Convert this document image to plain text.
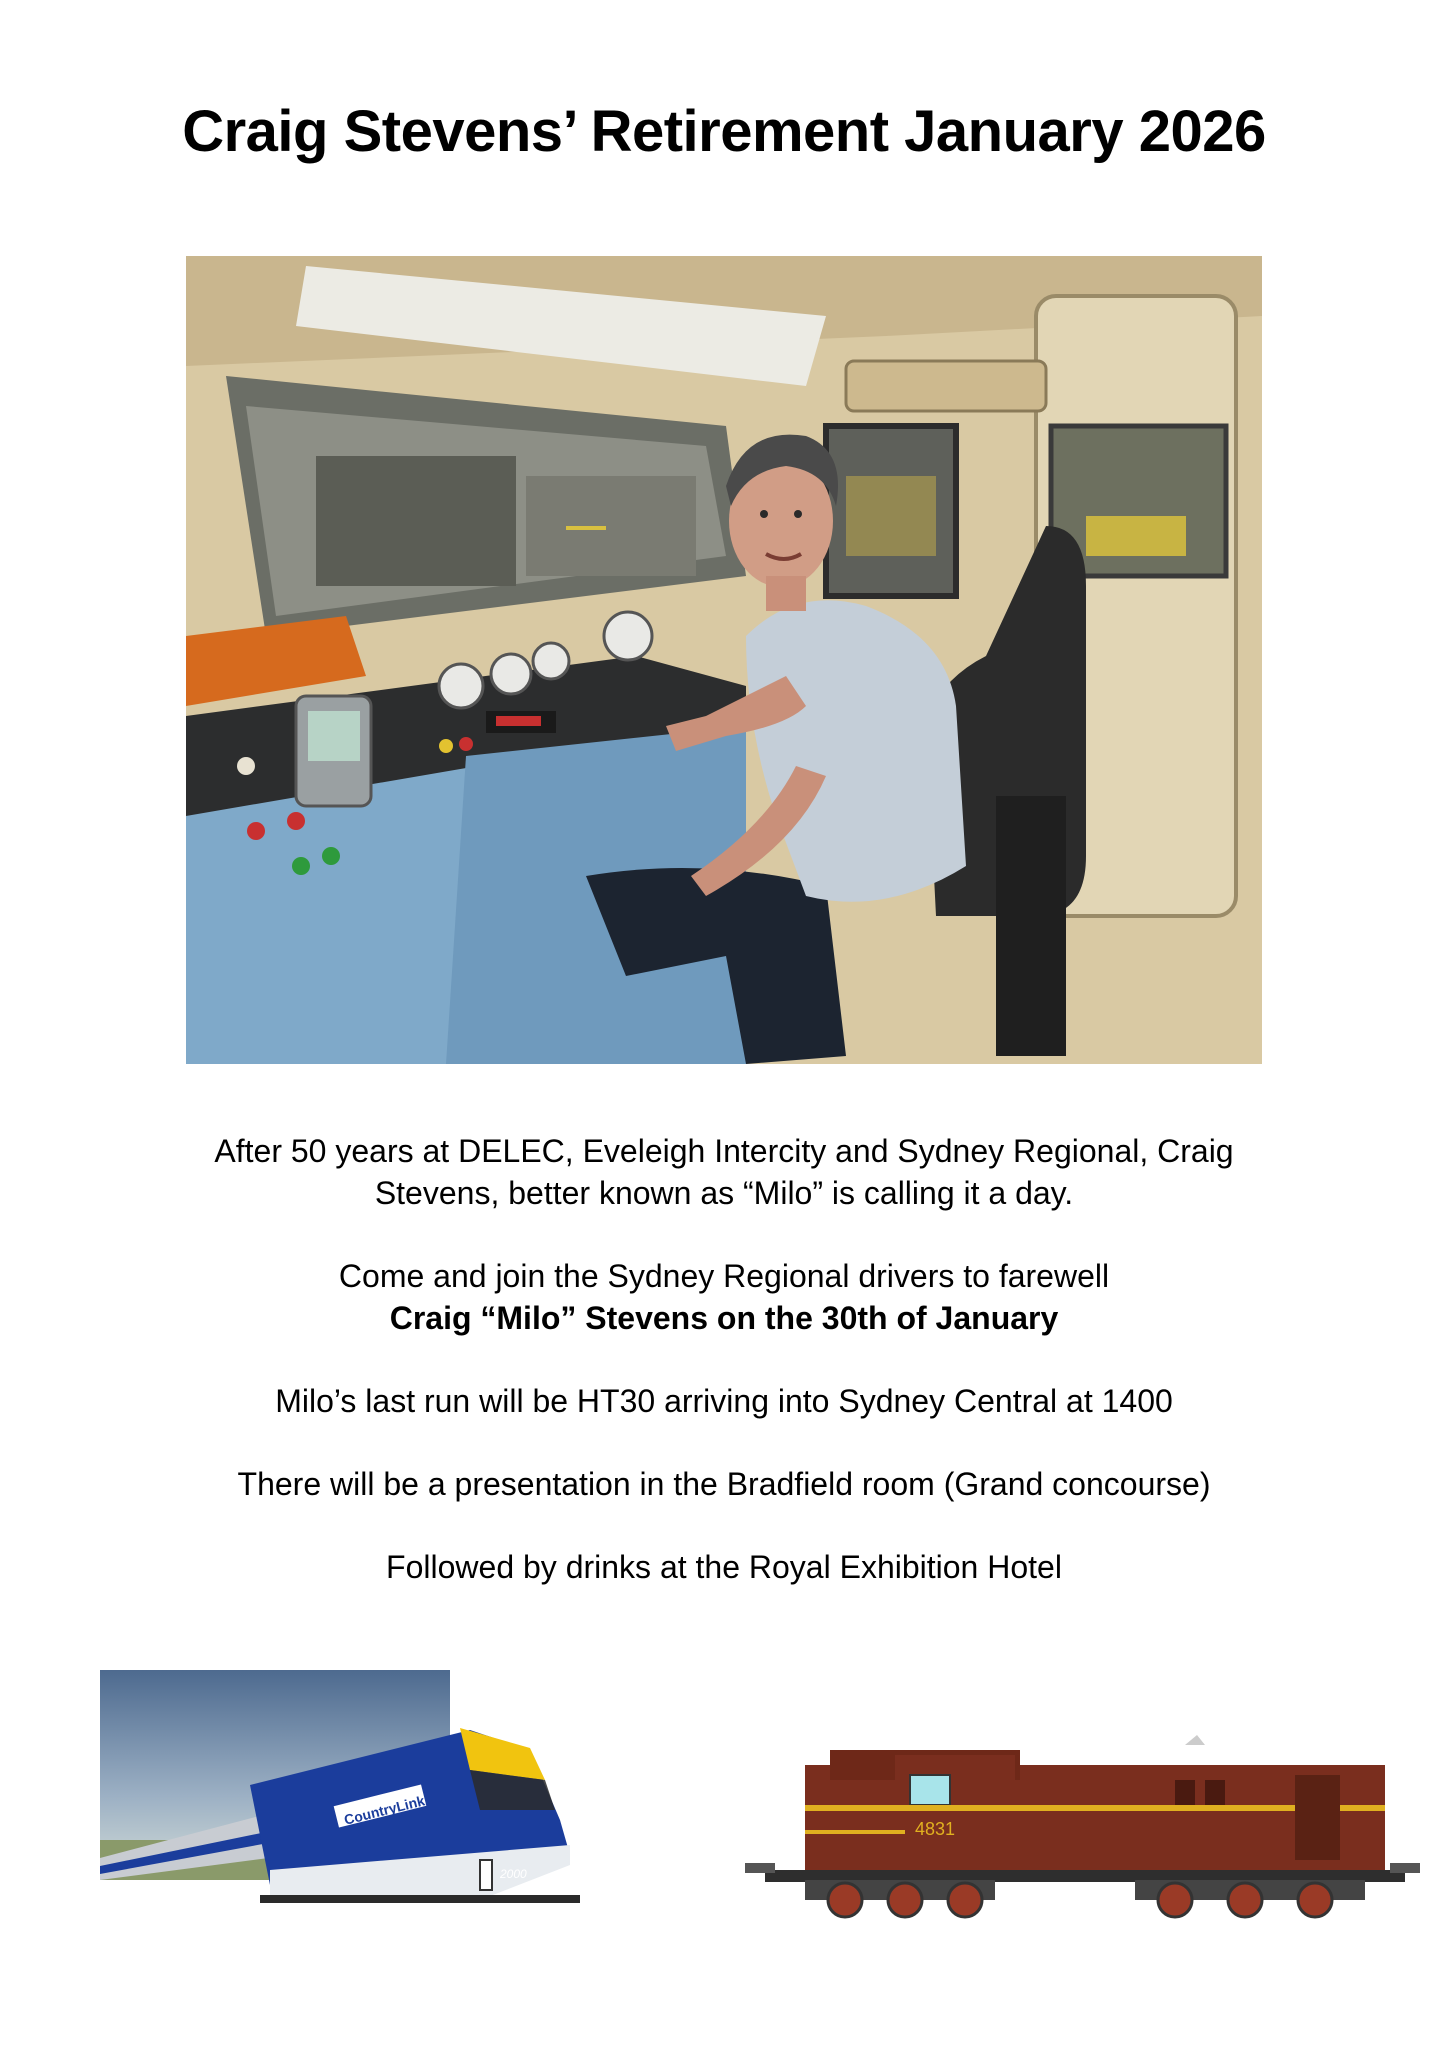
Craig Stevens’ Retirement January 2026
After 50 years at DELEC, Eveleigh Intercity and Sydney Regional, Craig
Stevens, better known as “Milo” is calling it a day.
Come and join the Sydney Regional drivers to farewell
Craig “Milo” Stevens on the 30th of January
Milo’s last run will be HT30 arriving into Sydney Central at 1400
There will be a presentation in the Bradfield room (Grand concourse)
Followed by drinks at the Royal Exhibition Hotel
CountryLink
2000
4831
